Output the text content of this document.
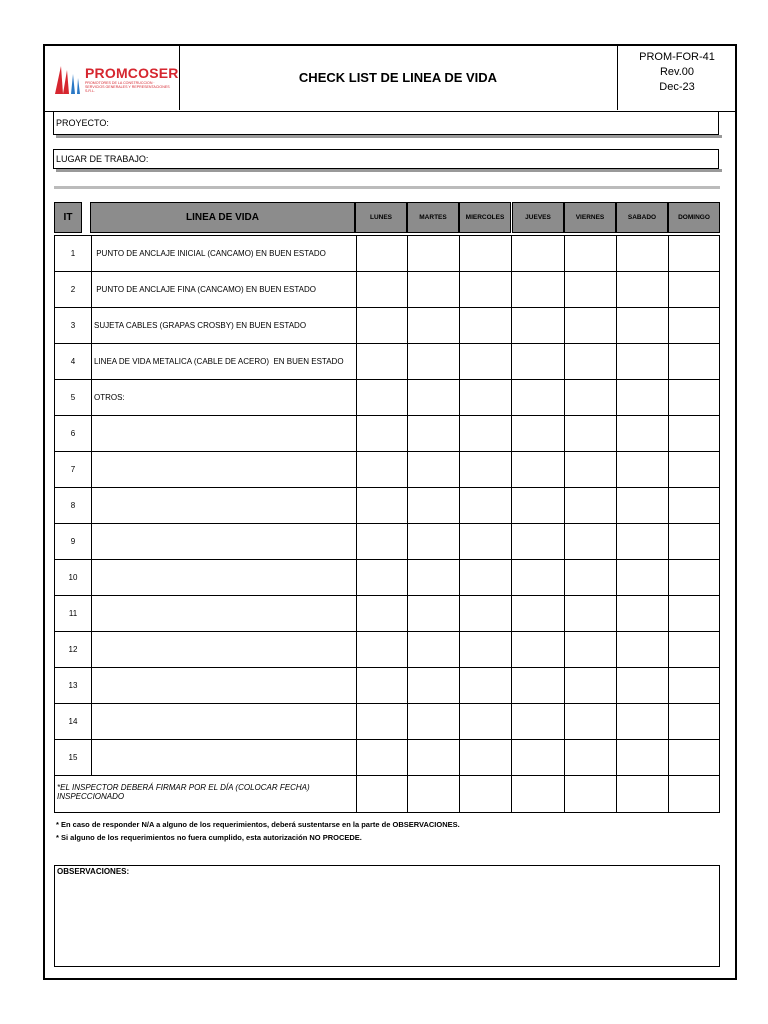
PROMCOSER
PROMOTORES DE LA CONSTRUCCION · SERVICIOS GENERALES Y REPRESENTACIONES S.R.L.
CHECK LIST DE LINEA DE VIDA
PROM-FOR-41
Rev.00
Dec-23
PROYECTO:
LUGAR DE TRABAJO:
IT	LINEA DE VIDA	LUNES	MARTES	MIERCOLES	JUEVES	VIERNES	SABADO	DOMINGO
1	PUNTO DE ANCLAJE INICIAL (CANCAMO) EN BUEN ESTADO
2	PUNTO DE ANCLAJE FINA (CANCAMO) EN BUEN ESTADO
3	SUJETA CABLES (GRAPAS CROSBY) EN BUEN ESTADO
4	LINEA DE VIDA METALICA (CABLE DE ACERO)  EN BUEN ESTADO
5	OTROS:
6
7
8
9
10
11
12
13
14
15
*EL INSPECTOR DEBERÁ FIRMAR POR EL DÍA (COLOCAR FECHA) INSPECCIONADO
* En caso de responder N/A a alguno de los requerimientos, deberá sustentarse en la parte de OBSERVACIONES.
* Si alguno de los requerimientos no fuera cumplido, esta autorización NO PROCEDE.
OBSERVACIONES:
